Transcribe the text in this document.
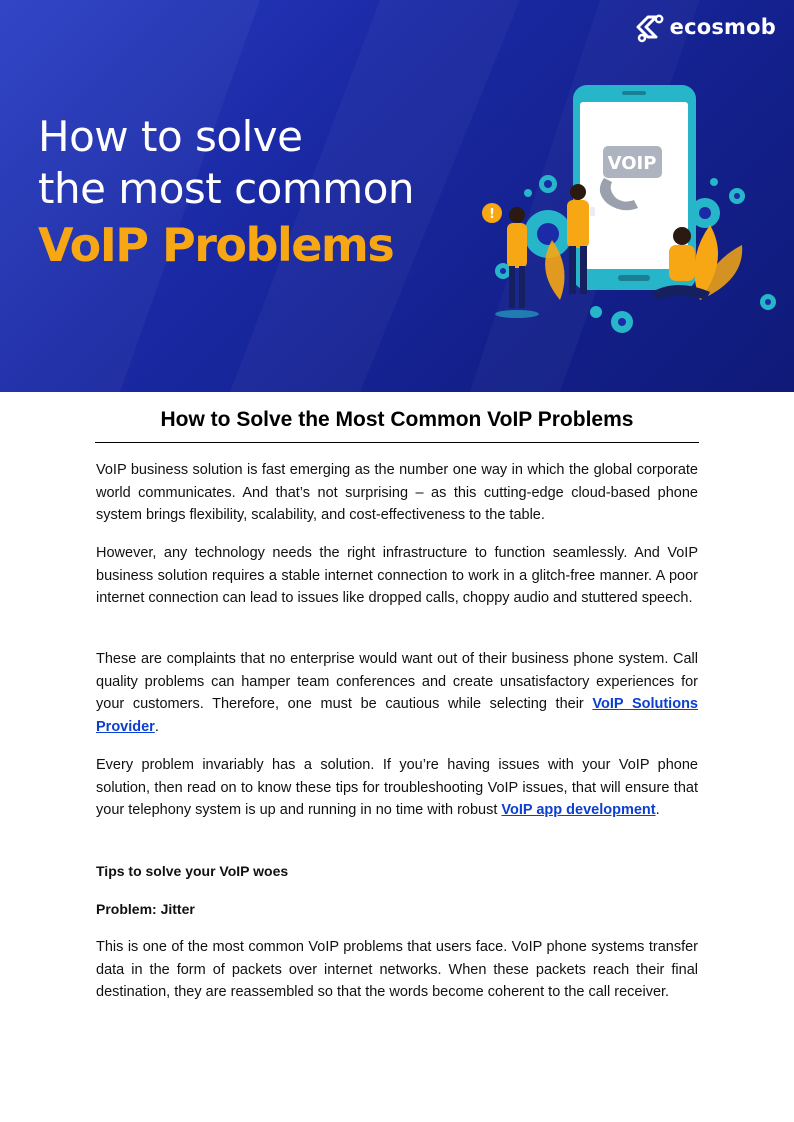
VOIP
!
ecosmob
How to solve
the most common
VoIP Problems
How to Solve the Most Common VoIP Problems

VoIP business solution is fast emerging as the number one way in which the global corporate world communicates. And that’s not surprising – as this cutting-edge cloud-based phone system brings flexibility, scalability, and cost-effectiveness to the table.

However, any technology needs the right infrastructure to function seamlessly. And VoIP business solution requires a stable internet connection to work in a glitch-free manner. A poor internet connection can lead to issues like dropped calls, choppy audio and stuttered speech.

These are complaints that no enterprise would want out of their business phone system. Call quality problems can hamper team conferences and create unsatisfactory experiences for your customers. Therefore, one must be cautious while selecting their VoIP Solutions Provider.

Every problem invariably has a solution. If you’re having issues with your VoIP phone solution, then read on to know these tips for troubleshooting VoIP issues, that will ensure that your telephony system is up and running in no time with robust VoIP app development.

Tips to solve your VoIP woes

Problem: Jitter

This is one of the most common VoIP problems that users face. VoIP phone systems transfer data in the form of packets over internet networks. When these packets reach their final destination, they are reassembled so that the words become coherent to the call receiver.
